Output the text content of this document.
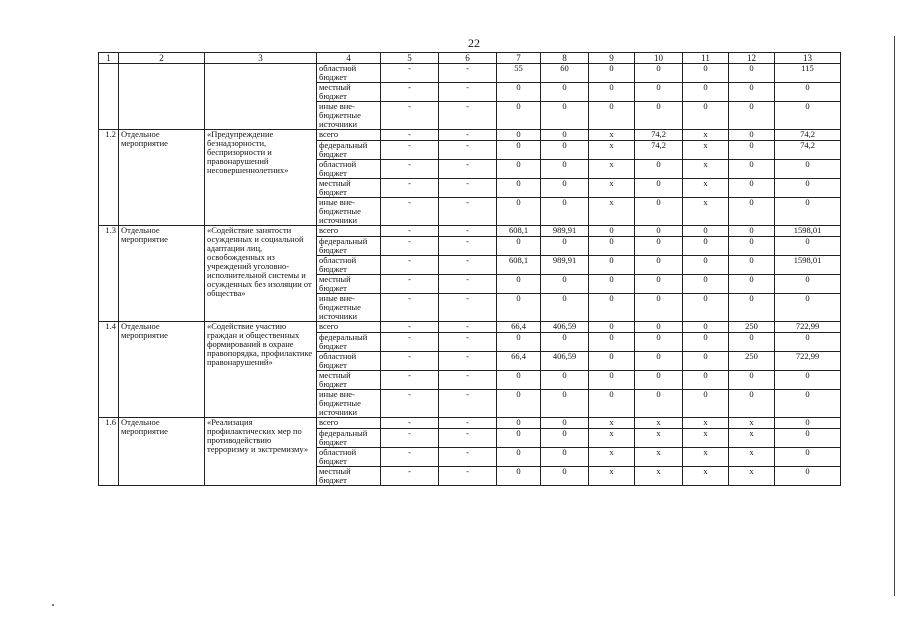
22
1	2	3	4	5	6	7	8	9	10	11	12	13
			областной бюджет	-	-	55	60	0	0	0	0	115
			местный бюджет	-	-	0	0	0	0	0	0	0
			иные вне-бюджетные источники	-	-	0	0	0	0	0	0	0
1.2	Отдельное мероприятие	«Предупреждение безнадзорности, беспризорности и правонарушений несовершеннолетних»	всего	-	-	0	0	x	74,2	x	0	74,2
			федеральный бюджет	-	-	0	0	x	74,2	x	0	74,2
			областной бюджет	-	-	0	0	x	0	x	0	0
			местный бюджет	-	-	0	0	x	0	x	0	0
			иные вне-бюджетные источники	-	-	0	0	x	0	x	0	0
1.3	Отдельное мероприятие	«Содействие занятости осужденных и социальной адаптации лиц, освобожденных из учреждений уголовно-исполнительной системы и осужденных без изоляции от общества»	всего	-	-	608,1	989,91	0	0	0	0	1598,01
			федеральный бюджет	-	-	0	0	0	0	0	0	0
			областной бюджет	-	-	608,1	989,91	0	0	0	0	1598,01
			местный бюджет	-	-	0	0	0	0	0	0	0
			иные вне-бюджетные источники	-	-	0	0	0	0	0	0	0
1.4	Отдельное мероприятие	«Содействие участию граждан и общественных формирований в охране правопорядка, профилактике правонарушений»	всего	-	-	66,4	406,59	0	0	0	250	722,99
			федеральный бюджет	-	-	0	0	0	0	0	0	0
			областной бюджет	-	-	66,4	406,59	0	0	0	250	722,99
			местный бюджет	-	-	0	0	0	0	0	0	0
			иные вне-бюджетные источники	-	-	0	0	0	0	0	0	0
1.6	Отдельное мероприятие	«Реализация профилактических мер по противодействию терроризму и экстремизму»	всего	-	-	0	0	x	x	x	x	0
			федеральный бюджет	-	-	0	0	x	x	x	x	0
			областной бюджет	-	-	0	0	x	x	x	x	0
			местный бюджет	-	-	0	0	x	x	x	x	0
